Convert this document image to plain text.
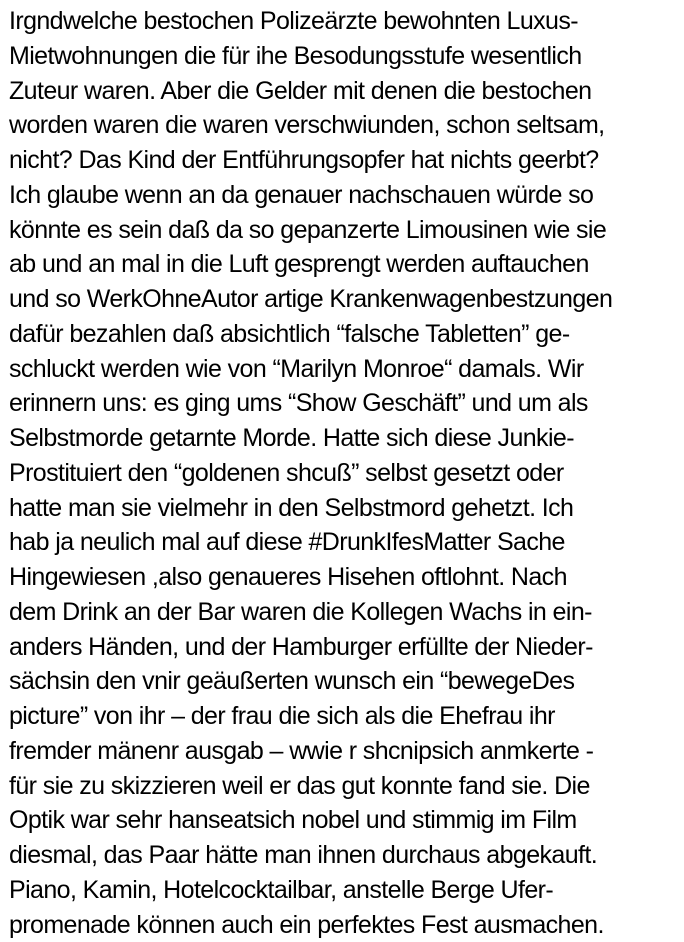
Irgndwelche bestochen Polizeärzte bewohnten Luxus-
Mietwohnungen die für ihe Besodungsstufe wesentlich
Zuteur waren. Aber die Gelder mit denen die bestochen
worden waren die waren verschwiunden, schon seltsam,
nicht? Das Kind der Entführungsopfer hat nichts geerbt?
Ich glaube wenn an da genauer nachschauen würde so
könnte es sein daß da so gepanzerte Limousinen wie sie
ab und an mal in die Luft gesprengt werden auftauchen
und so WerkOhneAutor artige Krankenwagenbestzungen
dafür bezahlen daß absichtlich “falsche Tabletten” ge-
schluckt werden wie von “Marilyn Monroe“ damals. Wir
erinnern uns: es ging ums “Show Geschäft” und um als
Selbstmorde getarnte Morde. Hatte sich diese Junkie-
Prostituiert den “goldenen shcuß” selbst gesetzt oder
hatte man sie vielmehr in den Selbstmord gehetzt. Ich
hab ja neulich mal auf diese #DrunkIfesMatter Sache
Hingewiesen ,also genaueres Hisehen oftlohnt. Nach
dem Drink an der Bar waren die Kollegen Wachs in ein-
anders Händen, und der Hamburger erfüllte der Nieder-
sächsin den vnir geäußerten wunsch ein “bewegeDes
picture” von ihr – der frau die sich als die Ehefrau ihr
fremder mänenr ausgab – wwie r shcnipsich anmkerte -
für sie zu skizzieren weil er das gut konnte fand sie. Die
Optik war sehr hanseatsich nobel und stimmig im Film
diesmal, das Paar hätte man ihnen durchaus abgekauft.
Piano, Kamin, Hotelcocktailbar, anstelle Berge Ufer-
promenade können auch ein perfektes Fest ausmachen.
